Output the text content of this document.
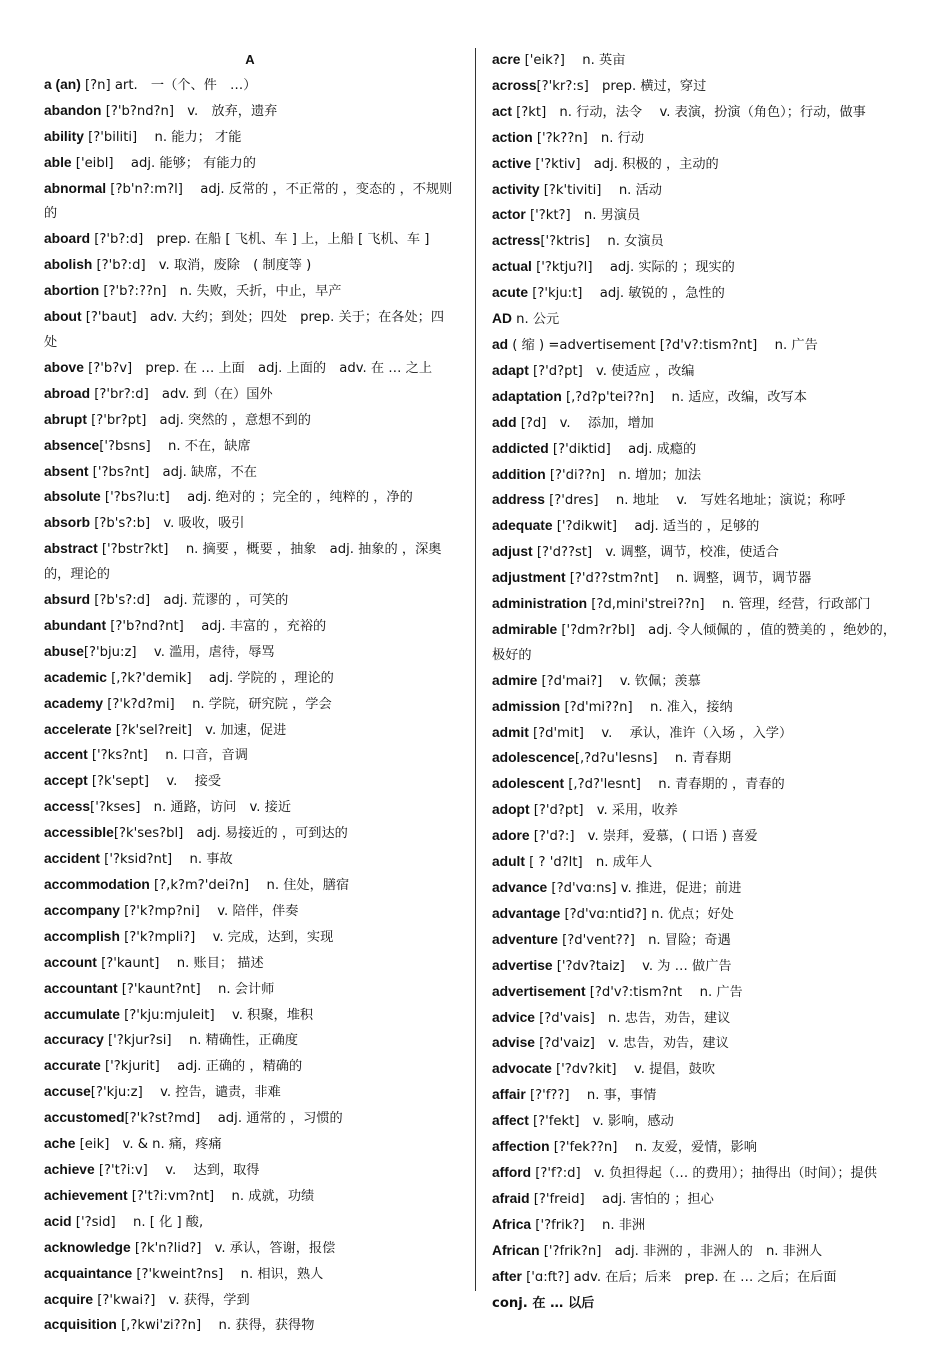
A
a (an) [?n] art.　一（个、件　…）
abandon [?'b?nd?n]　v.　放弃，遗弃
ability [?'biliti]　 n. 能力； 才能
able ['eibl]　 adj. 能够； 有能力的
abnormal [?b'n?:m?l]　 adj. 反常的 ，不正常的 ，变态的 ，不规则的
aboard [?'b?:d]　prep. 在船 [ 飞机、车 ] 上，上船 [ 飞机、车 ]
abolish [?'b?:d]　v. 取消，废除　( 制度等 )
abortion [?'b?:??n]　n. 失败，夭折，中止，早产
about [?'baut]　adv. 大约；到处；四处　prep. 关于；在各处；四处
above [?'b?v]　prep. 在 … 上面　adj. 上面的　adv. 在 … 之上
abroad [?'br?:d]　adv. 到（在）国外
abrupt [?'br?pt]　adj. 突然的 ，意想不到的
absence['?bsns]　 n. 不在，缺席
absent ['?bs?nt]　adj. 缺席，不在
absolute ['?bs?lu:t]　 adj. 绝对的 ；完全的 ，纯粹的 ，净的
absorb [?b's?:b]　v. 吸收，吸引
abstract ['?bstr?kt]　 n. 摘要 ，概要 ，抽象　adj. 抽象的 ，深奥的，理论的
absurd [?b's?:d]　adj. 荒谬的 ，可笑的
abundant [?'b?nd?nt]　 adj. 丰富的 ，充裕的
abuse[?'bju:z]　 v. 滥用，虐待，辱骂
academic [,?k?'demik]　 adj. 学院的 ，理论的
academy [?'k?d?mi]　 n. 学院，研究院 ，学会
accelerate [?k'sel?reit]　v. 加速，促进
accent ['?ks?nt]　 n. 口音，音调
accept [?k'sept]　 v.　 接受
access['?kses]　n. 通路，访问　v. 接近
accessible[?k'ses?bl]　adj. 易接近的 ，可到达的
accident ['?ksid?nt]　 n. 事故
accommodation [?,k?m?'dei?n]　 n. 住处，膳宿
accompany [?'k?mp?ni]　 v. 陪伴，伴奏
accomplish [?'k?mpli?]　 v. 完成，达到，实现
account [?'kaunt]　 n. 账目； 描述
accountant [?'kaunt?nt]　 n. 会计师
accumulate [?'kju:mjuleit]　 v. 积聚，堆积
accuracy ['?kjur?si]　 n. 精确性，正确度
accurate ['?kjurit]　 adj. 正确的 ，精确的
accuse[?'kju:z]　 v. 控告，谴责，非难
accustomed[?'k?st?md]　 adj. 通常的 ，习惯的
ache [eik]　v. & n. 痛，疼痛
achieve [?'t?i:v]　 v.　 达到，取得
achievement [?'t?i:vm?nt]　 n. 成就，功绩
acid ['?sid]　 n. [ 化 ] 酸,
acknowledge [?k'n?lid?]　v. 承认，答谢，报偿
acquaintance [?'kweint?ns]　 n. 相识，熟人
acquire [?'kwai?]　v. 获得，学到
acquisition [,?kwi'zi??n]　 n. 获得，获得物
acre ['eik?]　 n. 英亩
across[?'kr?:s]　prep. 横过，穿过
act [?kt]　n. 行动，法令　 v. 表演，扮演（角色）；行动，做事
action ['?k??n]　n. 行动
active ['?ktiv]　adj. 积极的 ，主动的
activity [?k'tiviti]　 n. 活动
actor ['?kt?]　n. 男演员
actress['?ktris]　 n. 女演员
actual ['?ktju?l]　 adj. 实际的 ；现实的
acute [?'kju:t]　 adj. 敏锐的 ，急性的
AD n. 公元
ad ( 缩 ) =advertisement [?d'v?:tism?nt]　 n. 广告
adapt [?'d?pt]　v. 使适应 ，改编
adaptation [,?d?p'tei??n]　 n. 适应，改编，改写本
add [?d]　v.　 添加，增加
addicted [?'diktid]　 adj. 成瘾的
addition [?'di??n]　n. 增加；加法
address [?'dres]　 n. 地址　 v.　写姓名地址；演说；称呼
adequate ['?dikwit]　 adj. 适当的 ，足够的
adjust [?'d??st]　v. 调整，调节，校准，使适合
adjustment [?'d??stm?nt]　 n. 调整，调节，调节器
administration [?d,mini'strei??n]　 n. 管理，经营，行政部门
admirable ['?dm?r?bl]　adj. 令人倾佩的 ，值的赞美的 ，绝妙的，极好的
admire [?d'mai?]　 v. 钦佩；羡慕
admission [?d'mi??n]　 n. 准入，接纳
admit [?d'mit]　 v.　 承认，准许（入场 ，入学）
adolescence[,?d?u'lesns]　 n. 青春期
adolescent [,?d?'lesnt]　 n. 青春期的 ，青春的
adopt [?'d?pt]　v. 采用，收养
adore [?'d?:]　v. 崇拜，爱慕，( 口语 ) 喜爱
adult [ ? 'd?lt]　n. 成年人
advance [?d'vɑ:ns] v. 推进，促进；前进
advantage [?d'vɑ:ntid?] n. 优点；好处
adventure [?d'vent??]　n. 冒险；奇遇
advertise ['?dv?taiz]　 v. 为 … 做广告
advertisement [?d'v?:tism?nt　 n. 广告
advice [?d'vais]　n. 忠告，劝告，建议
advise [?d'vaiz]　v. 忠告，劝告，建议
advocate ['?dv?kit]　 v. 提倡，鼓吹
affair [?'f??]　 n. 事，事情
affect [?'fekt]　v. 影响，感动
affection [?'fek??n]　 n. 友爱，爱情，影响
afford [?'f?:d]　v. 负担得起（… 的费用）；抽得出（时间）；提供
afraid [?'freid]　 adj. 害怕的 ；担心
Africa ['?frik?]　 n. 非洲
African ['?frik?n]　adj. 非洲的 ，非洲人的　n. 非洲人
after ['ɑ:ft?] adv. 在后；后来　prep. 在 … 之后；在后面
conj. 在 … 以后
